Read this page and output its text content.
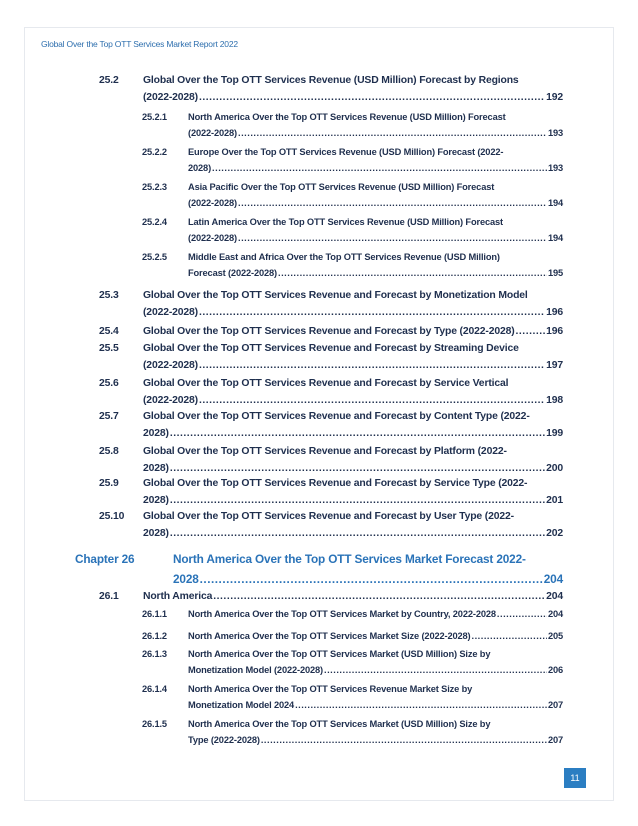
Global Over the Top OTT Services Market Report 2022
25.2 Global Over the Top OTT Services Revenue (USD Million) Forecast by Regions
(2022-2028) .....	192
25.2.1 North America Over the Top OTT Services Revenue (USD Million) Forecast
(2022-2028) .....	193
25.2.2 Europe Over the Top OTT Services Revenue (USD Million) Forecast (2022-
2028) .....	193
25.2.3 Asia Pacific Over the Top OTT Services Revenue (USD Million) Forecast
(2022-2028) .....	194
25.2.4 Latin America Over the Top OTT Services Revenue (USD Million) Forecast
(2022-2028) .....	194
25.2.5 Middle East and Africa Over the Top OTT Services Revenue (USD Million)
Forecast (2022-2028) .....	195
25.3 Global Over the Top OTT Services Revenue and Forecast by Monetization Model
(2022-2028) .....	196
25.4 Global Over the Top OTT Services Revenue and Forecast by Type (2022-2028) .....	196
25.5 Global Over the Top OTT Services Revenue and Forecast by Streaming Device
(2022-2028) .....	197
25.6 Global Over the Top OTT Services Revenue and Forecast by Service Vertical
(2022-2028) .....	198
25.7 Global Over the Top OTT Services Revenue and Forecast by Content Type (2022-
2028) .....	199
25.8 Global Over the Top OTT Services Revenue and Forecast by Platform (2022-
2028) .....	200
25.9 Global Over the Top OTT Services Revenue and Forecast by Service Type (2022-
2028) .....	201
25.10 Global Over the Top OTT Services Revenue and Forecast by User Type (2022-
2028) .....	202
Chapter 26	North America Over the Top OTT Services Market Forecast 2022-
2028 .....	204
26.1 North America .....	204
26.1.1 North America Over the Top OTT Services Market by Country, 2022-2028 .....	204
26.1.2 North America Over the Top OTT Services Market Size (2022-2028) .....	205
26.1.3 North America Over the Top OTT Services Market (USD Million) Size by
Monetization Model (2022-2028) .....	206
26.1.4 North America Over the Top OTT Services Revenue Market Size by
Monetization Model 2024 .....	207
26.1.5 North America Over the Top OTT Services Market (USD Million) Size by
Type (2022-2028) .....	207
11
